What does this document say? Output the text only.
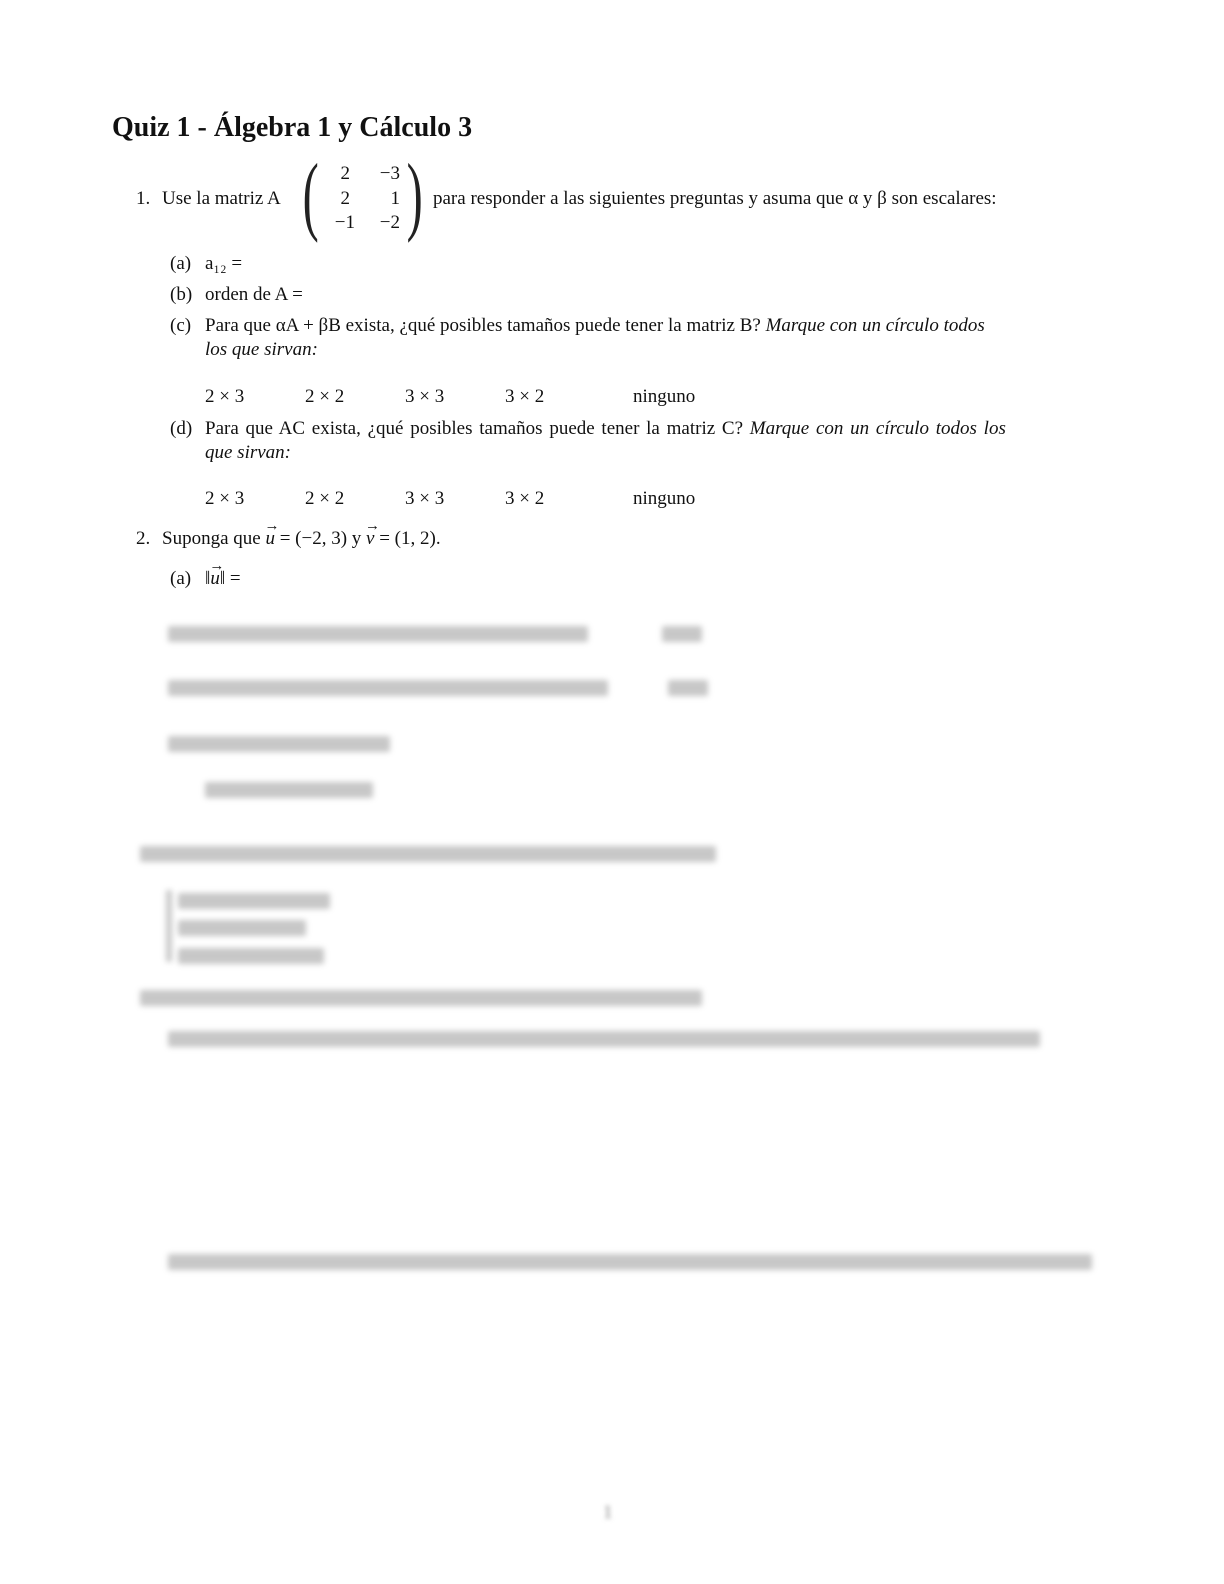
Quiz 1 - Álgebra 1 y Cálculo 3
1. Use la matriz A (	2	−3
2	1
−1	−2 ) para responder a las siguientes preguntas y asuma que α y β son escalares:
(a) a₁₂ =
(b) orden de A =
(c) Para que αA + βB exista, ¿qué posibles tamaños puede tener la matriz B? Marque con un círculo todos
los que sirvan:
2 × 3	2 × 2	3 × 3	3 × 2	ninguno
(d) Para que AC exista, ¿qué posibles tamaños puede tener la matriz C? Marque con un círculo todos los
que sirvan:
2 × 3	2 × 2	3 × 3	3 × 2	ninguno
2. Suponga que → u = (−2, 3) y → v = (1, 2).
(a) ‖→ u‖ =
1
